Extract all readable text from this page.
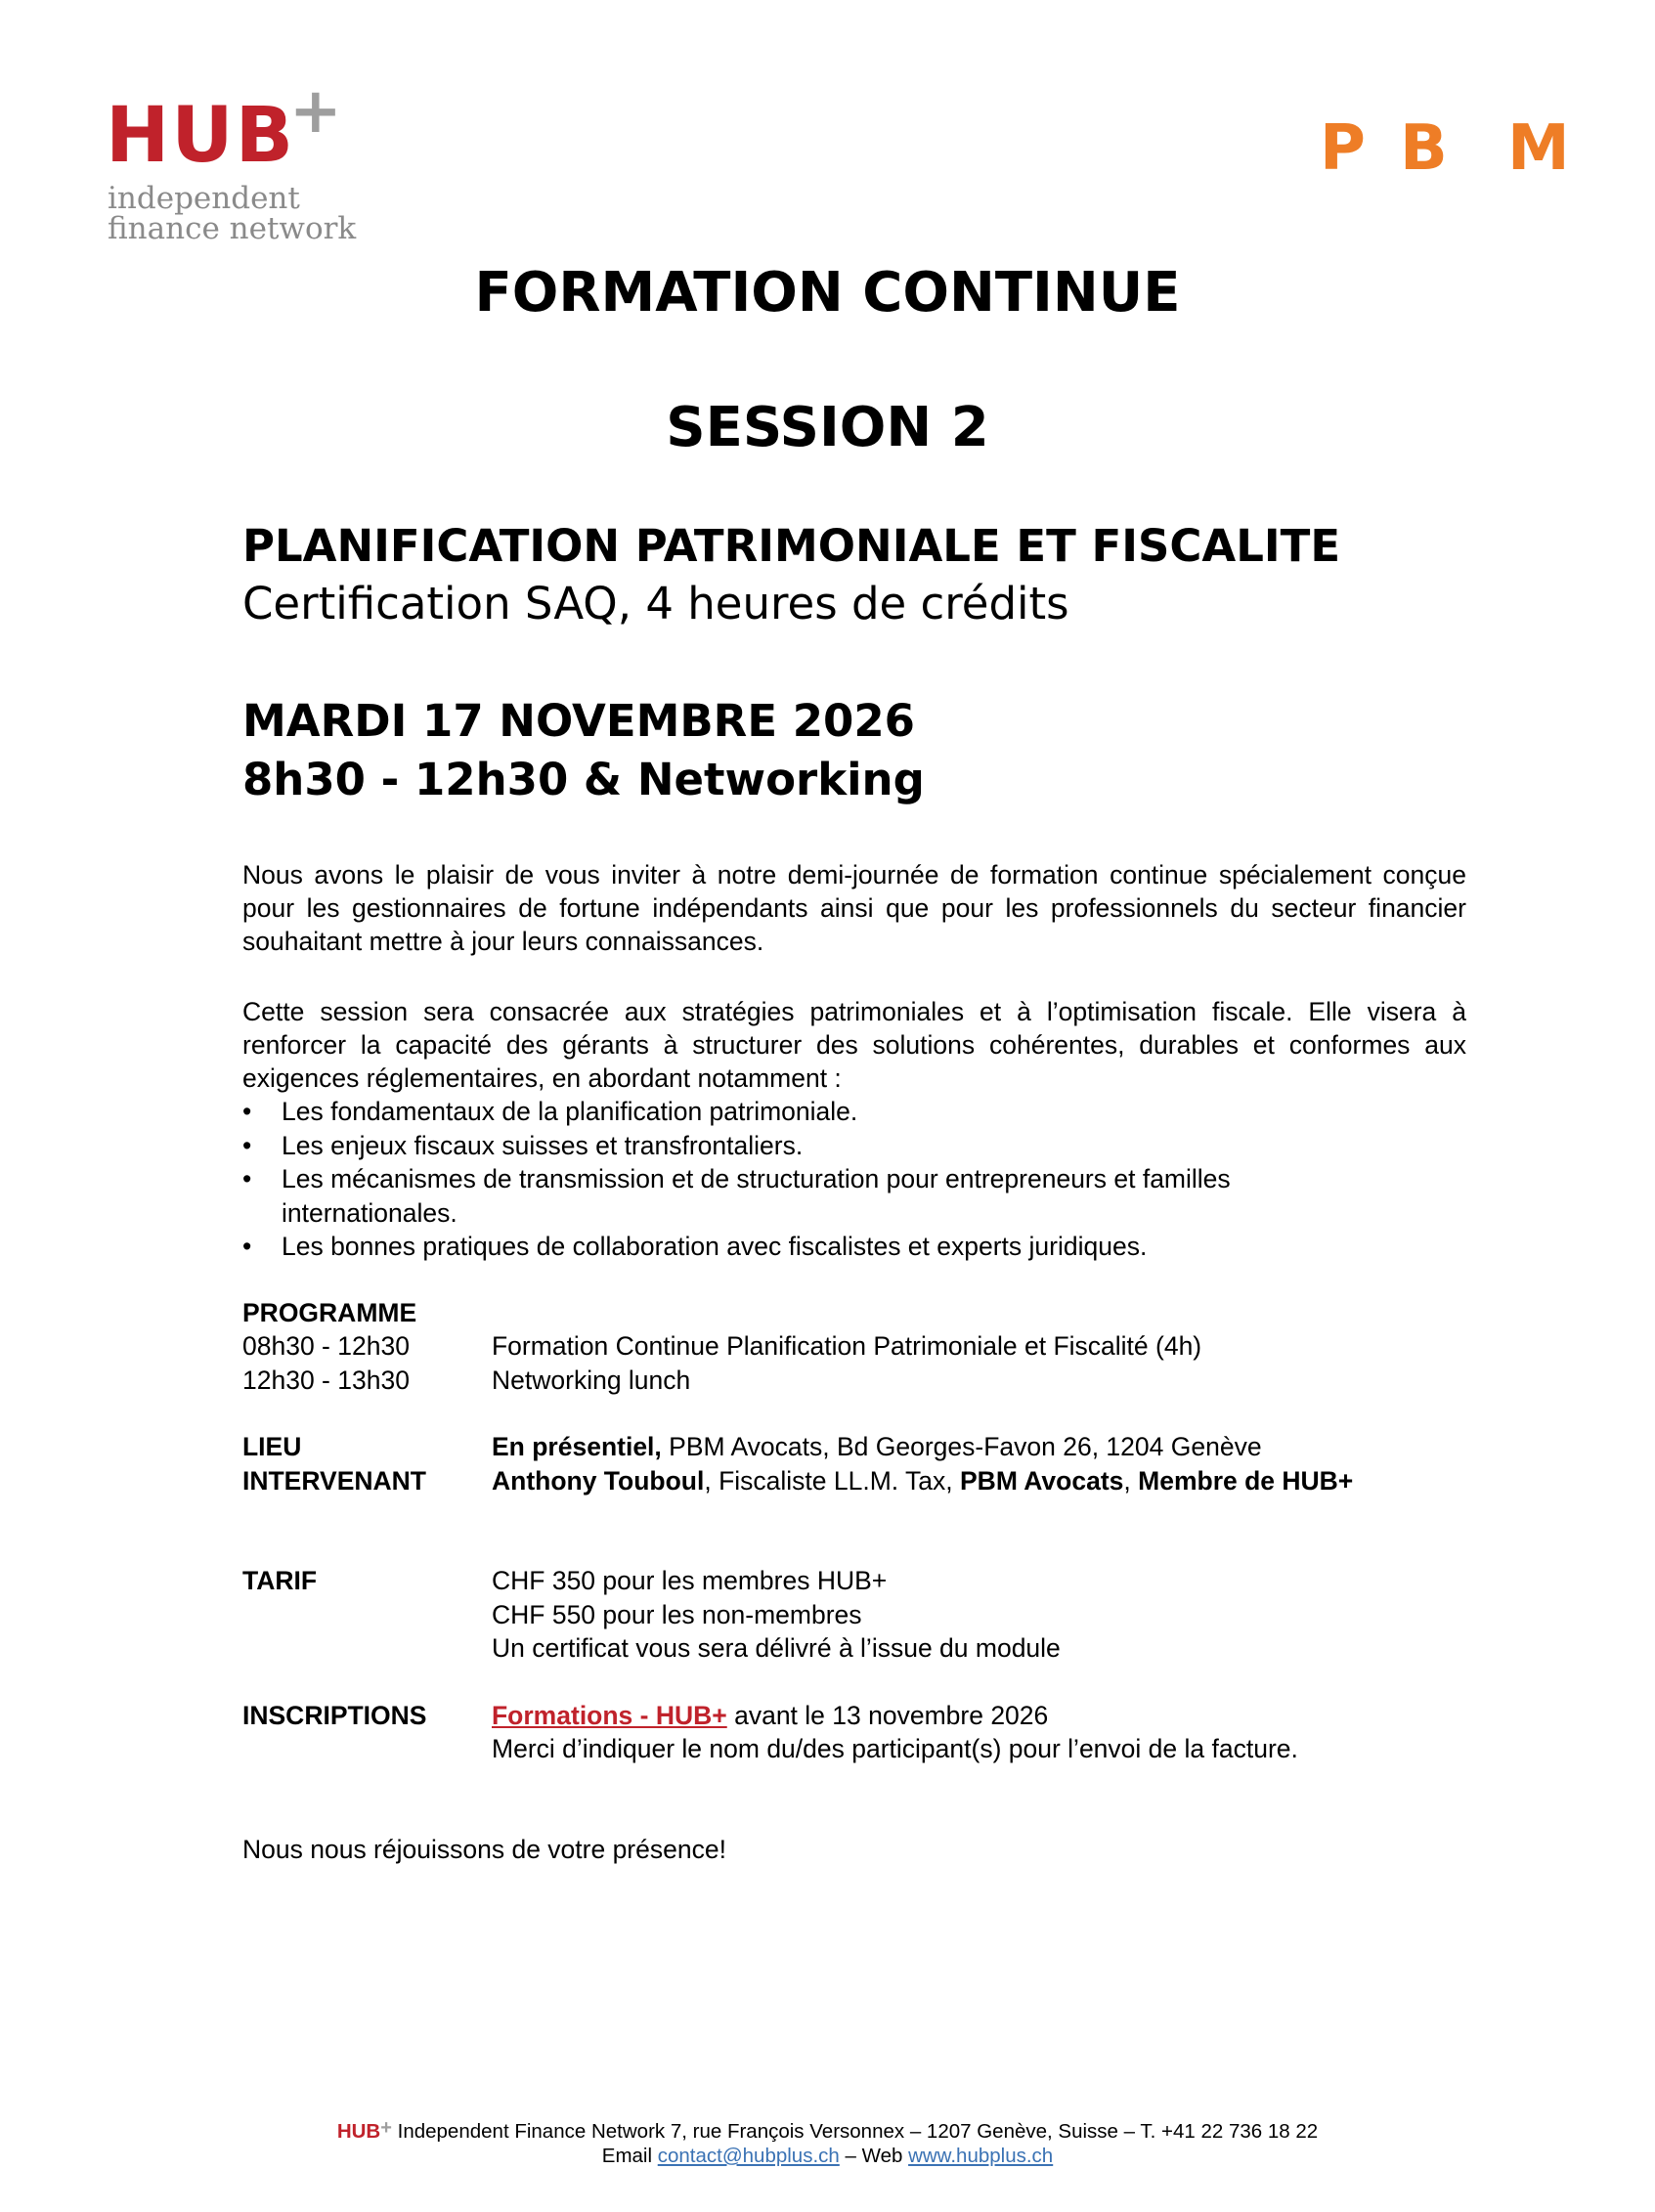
HUB
+
independent
finance network
P B M
FORMATION CONTINUE
SESSION 2
PLANIFICATION PATRIMONIALE ET FISCALITE
Certification SAQ, 4 heures de crédits
MARDI 17 NOVEMBRE 2026
8h30 - 12h30 & Networking

Nous avons le plaisir de vous inviter à notre demi-journée de formation continue spécialement conçue pour les gestionnaires de fortune indépendants ainsi que pour les professionnels du secteur financier souhaitant mettre à jour leurs connaissances.

Cette session sera consacrée aux stratégies patrimoniales et à l’optimisation fiscale. Elle visera à renforcer la capacité des gérants à structurer des solutions cohérentes, durables et conformes aux exigences réglementaires, en abordant notamment :

• Les fondamentaux de la planification patrimoniale.
• Les enjeux fiscaux suisses et transfrontaliers.
• Les mécanismes de transmission et de structuration pour entrepreneurs et familles internationales.
• Les bonnes pratiques de collaboration avec fiscalistes et experts juridiques.
PROGRAMME
08h30 - 12h30	Formation Continue Planification Patrimoniale et Fiscalité (4h)
12h30 - 13h30	Networking lunch
LIEU	En présentiel, PBM Avocats, Bd Georges-Favon 26, 1204 Genève
INTERVENANT	Anthony Touboul, Fiscaliste LL.M. Tax, PBM Avocats, Membre de HUB+
TARIF	CHF 350 pour les membres HUB+
CHF 550 pour les non-membres
Un certificat vous sera délivré à l’issue du module
INSCRIPTIONS	Formations - HUB+ avant le 13 novembre 2026
Merci d’indiquer le nom du/des participant(s) pour l’envoi de la facture.
Nous nous réjouissons de votre présence!
HUB+ Independent Finance Network 7, rue François Versonnex – 1207 Genève, Suisse – T. +41 22 736 18 22
Email contact@hubplus.ch – Web www.hubplus.ch
